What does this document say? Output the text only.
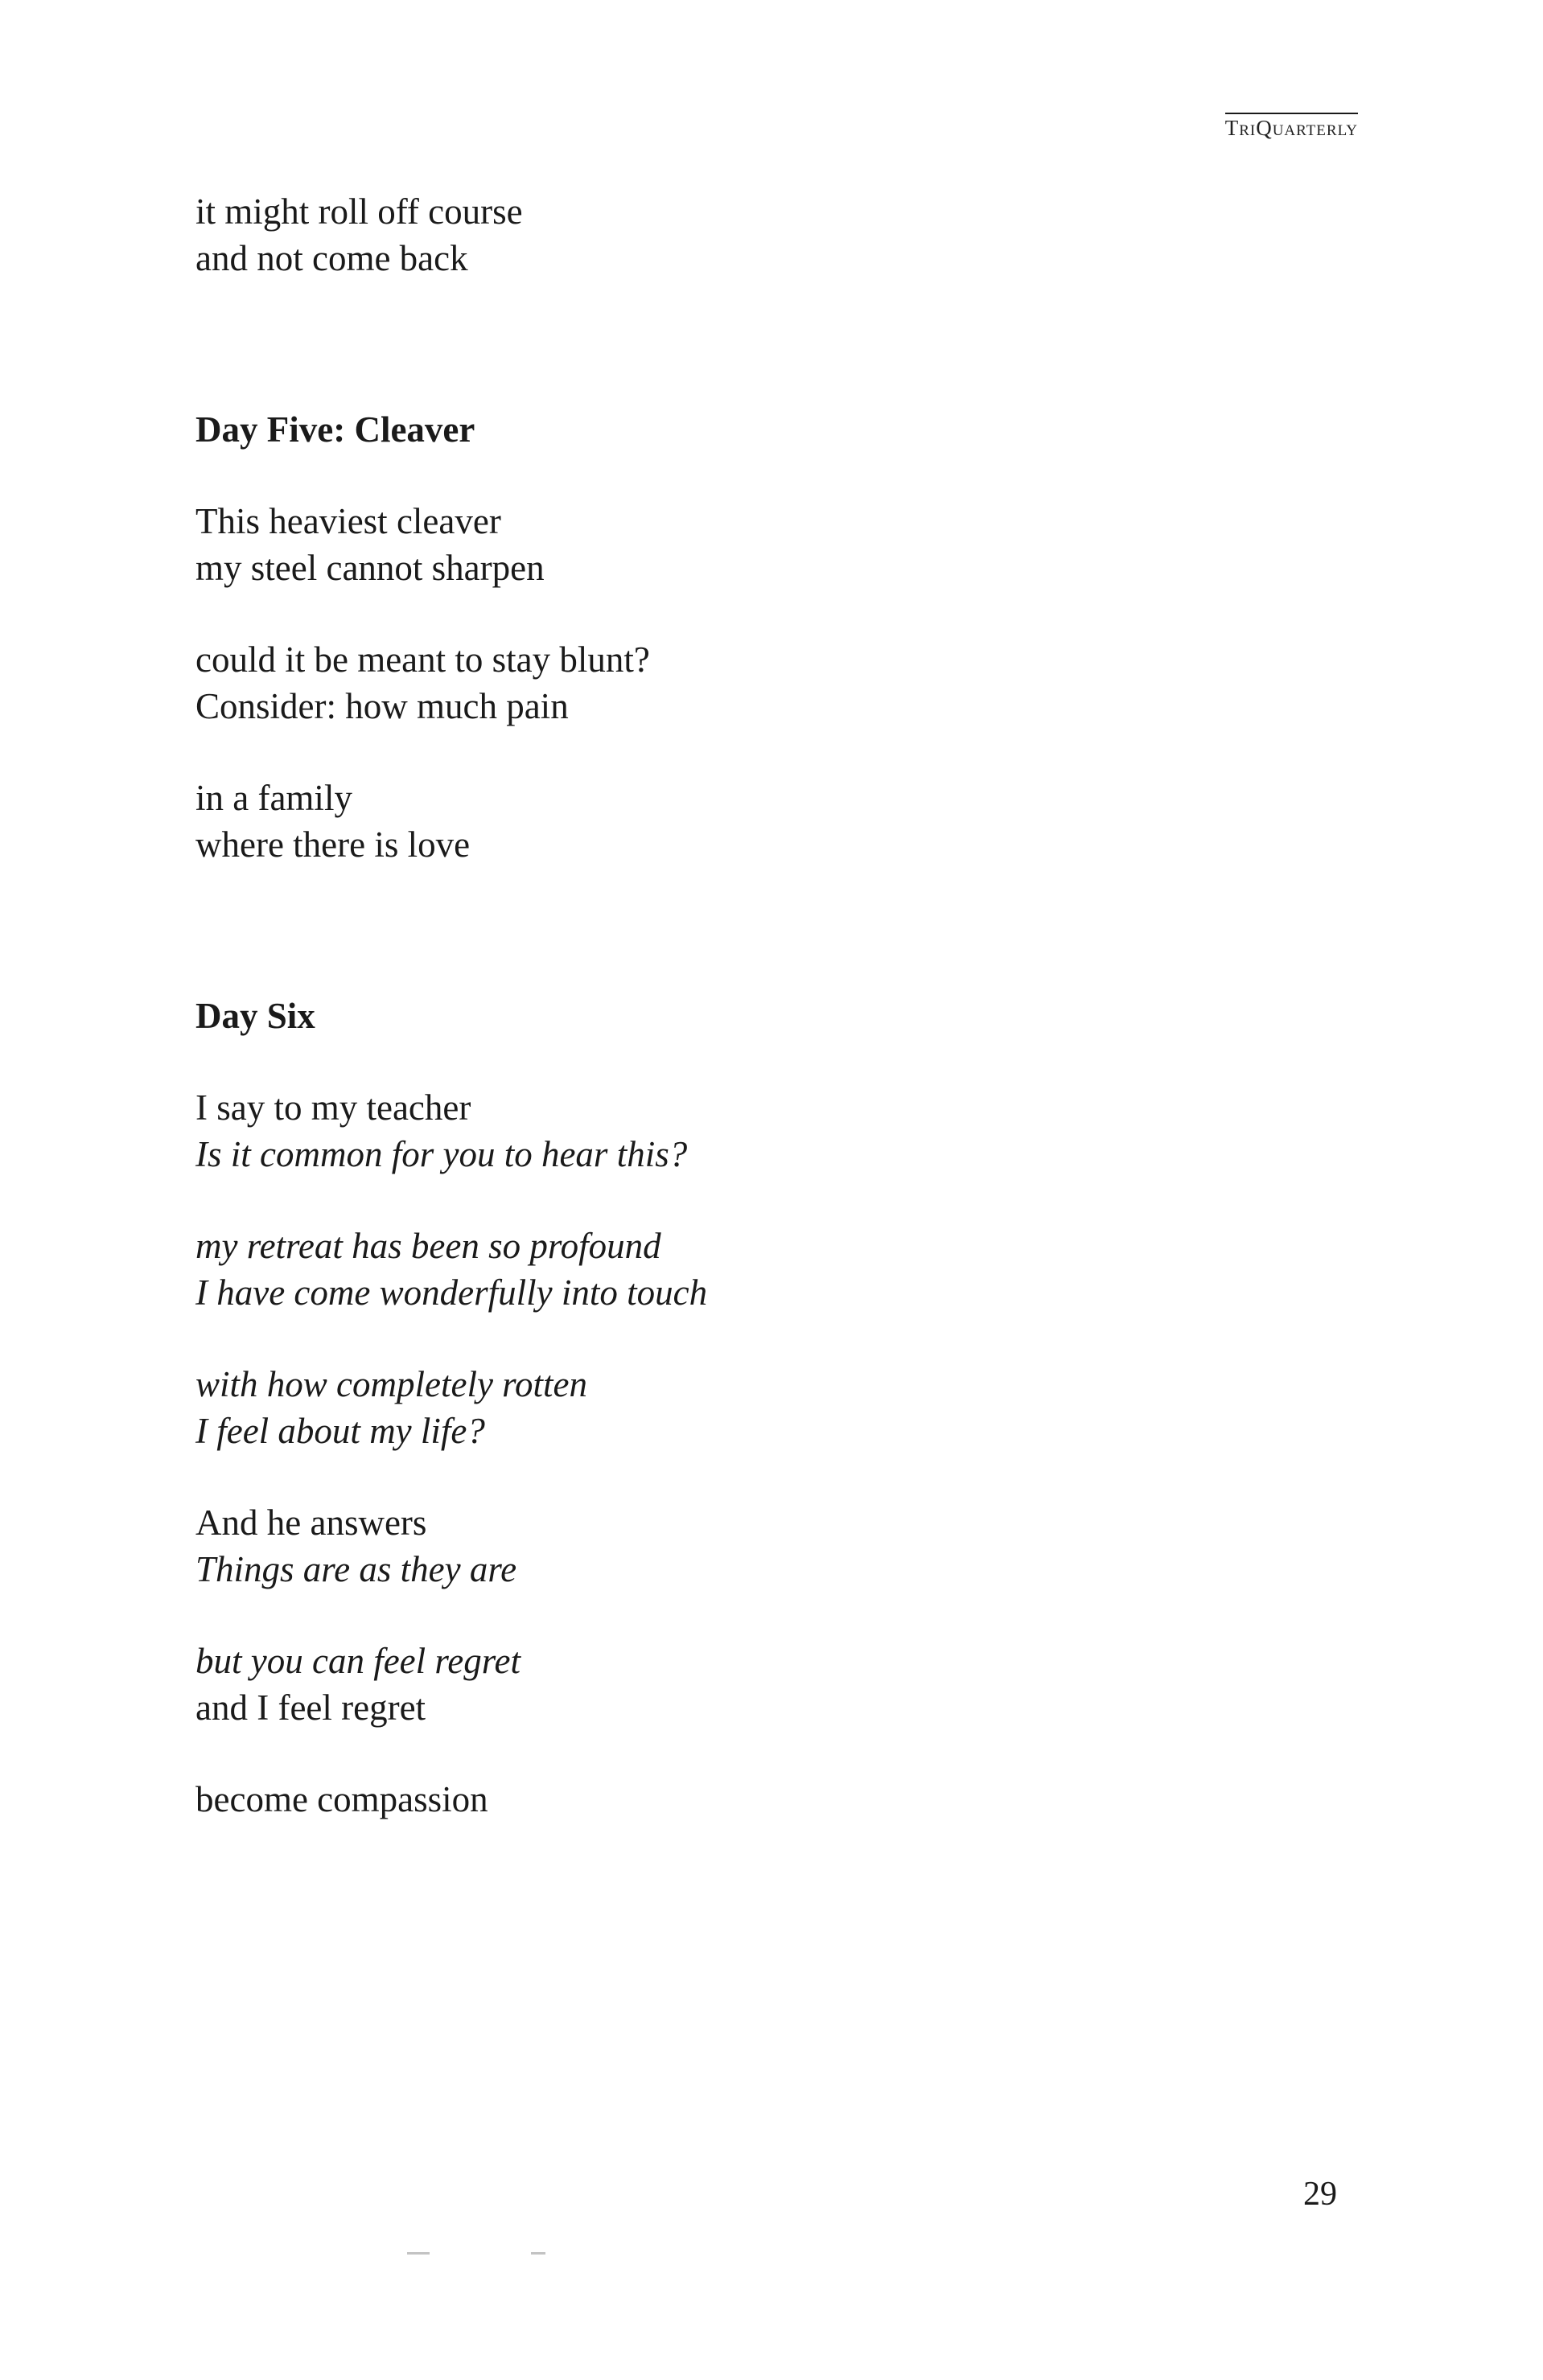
TriQuarterly
it might roll off course
and not come back
Day Five: Cleaver
This heaviest cleaver
my steel cannot sharpen
could it be meant to stay blunt?
Consider: how much pain
in a family
where there is love
Day Six
I say to my teacher
Is it common for you to hear this?
my retreat has been so profound
I have come wonderfully into touch
with how completely rotten
I feel about my life?
And he answers
Things are as they are
but you can feel regret
and I feel regret
become compassion
29
